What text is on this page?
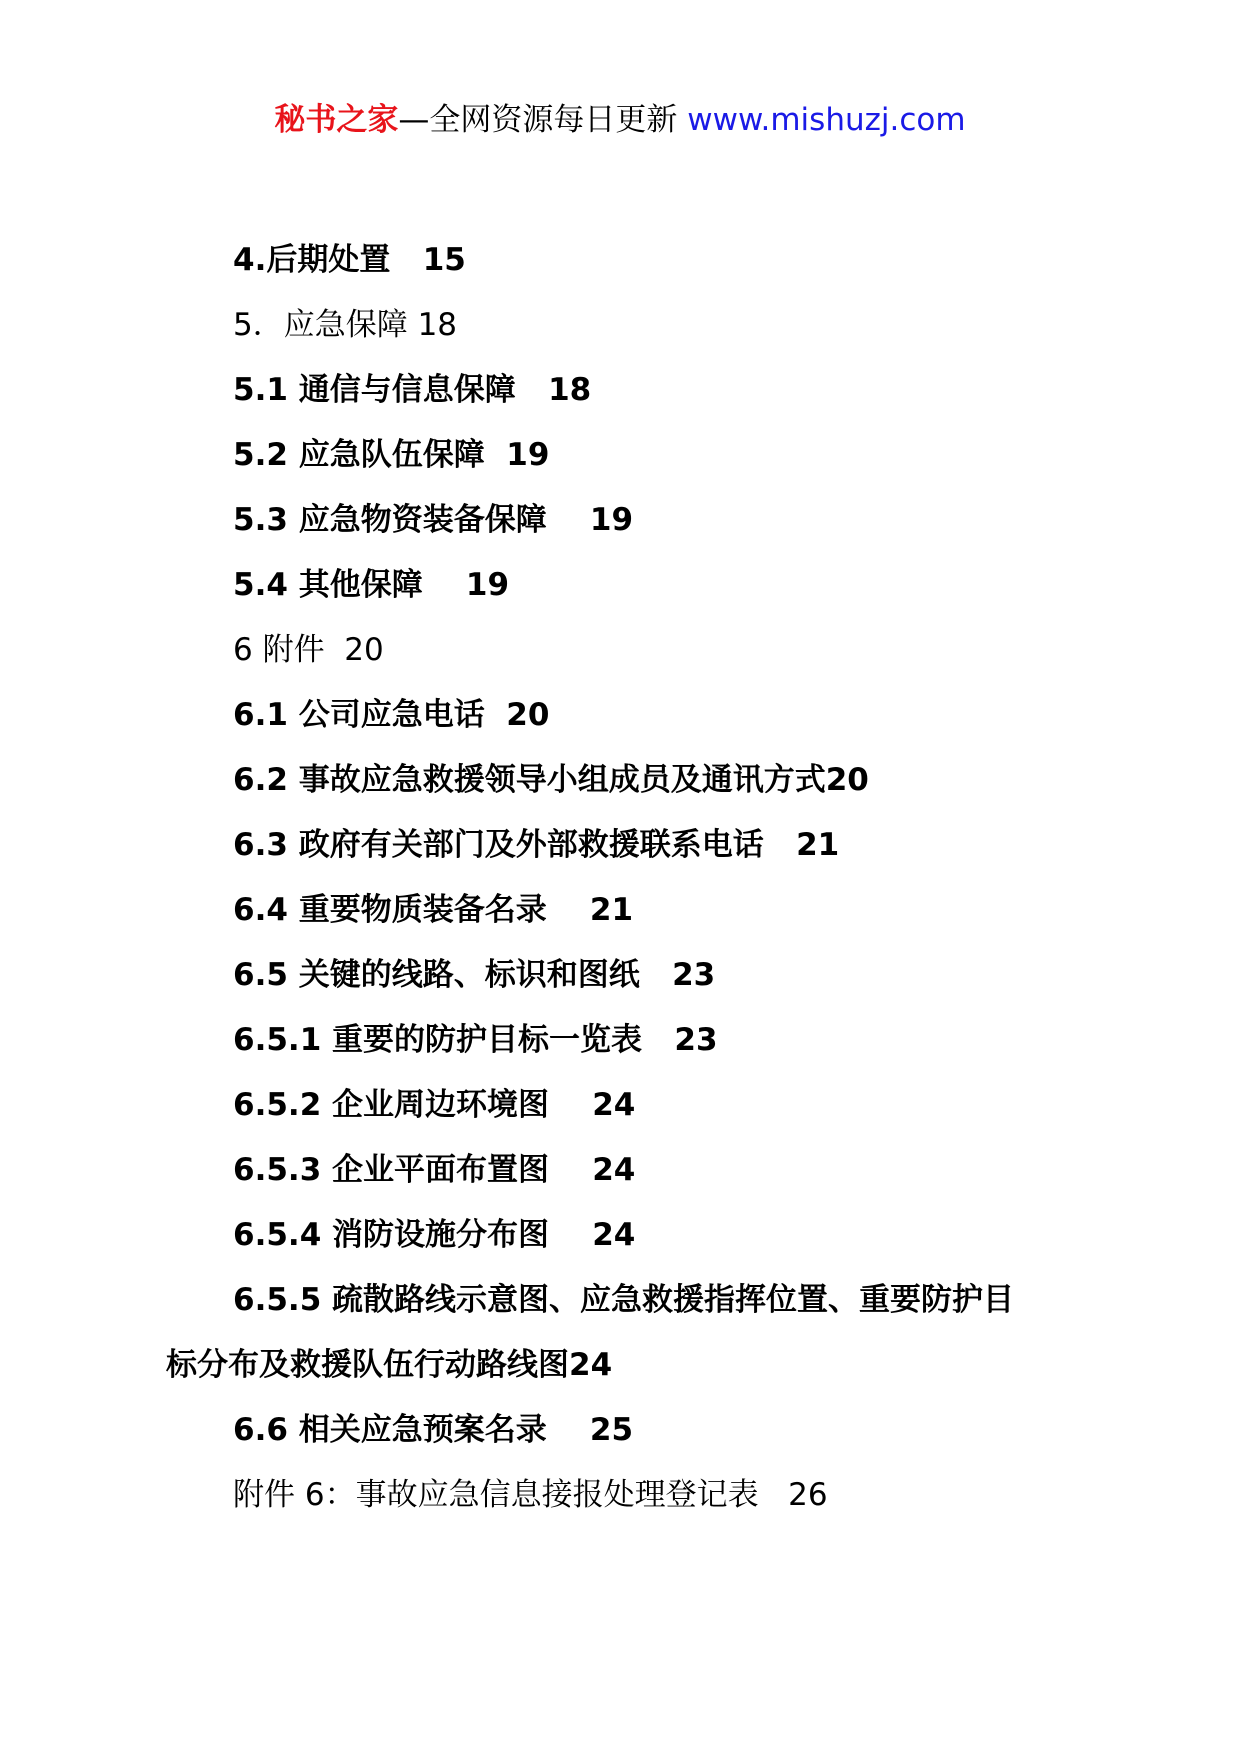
秘书之家—全网资源每日更新 www.mishuzj.com
4.后期处置   15
5．应急保障 18
5.1 通信与信息保障   18
5.2 应急队伍保障  19
5.3 应急物资装备保障    19
5.4 其他保障    19
6 附件  20
6.1 公司应急电话  20
6.2 事故应急救援领导小组成员及通讯方式20
6.3 政府有关部门及外部救援联系电话   21
6.4 重要物质装备名录    21
6.5 关键的线路、标识和图纸   23
6.5.1 重要的防护目标一览表   23
6.5.2 企业周边环境图    24
6.5.3 企业平面布置图    24
6.5.4 消防设施分布图    24
6.5.5 疏散路线示意图、应急救援指挥位置、重要防护目
标分布及救援队伍行动路线图24
6.6 相关应急预案名录    25
附件 6：事故应急信息接报处理登记表   26
